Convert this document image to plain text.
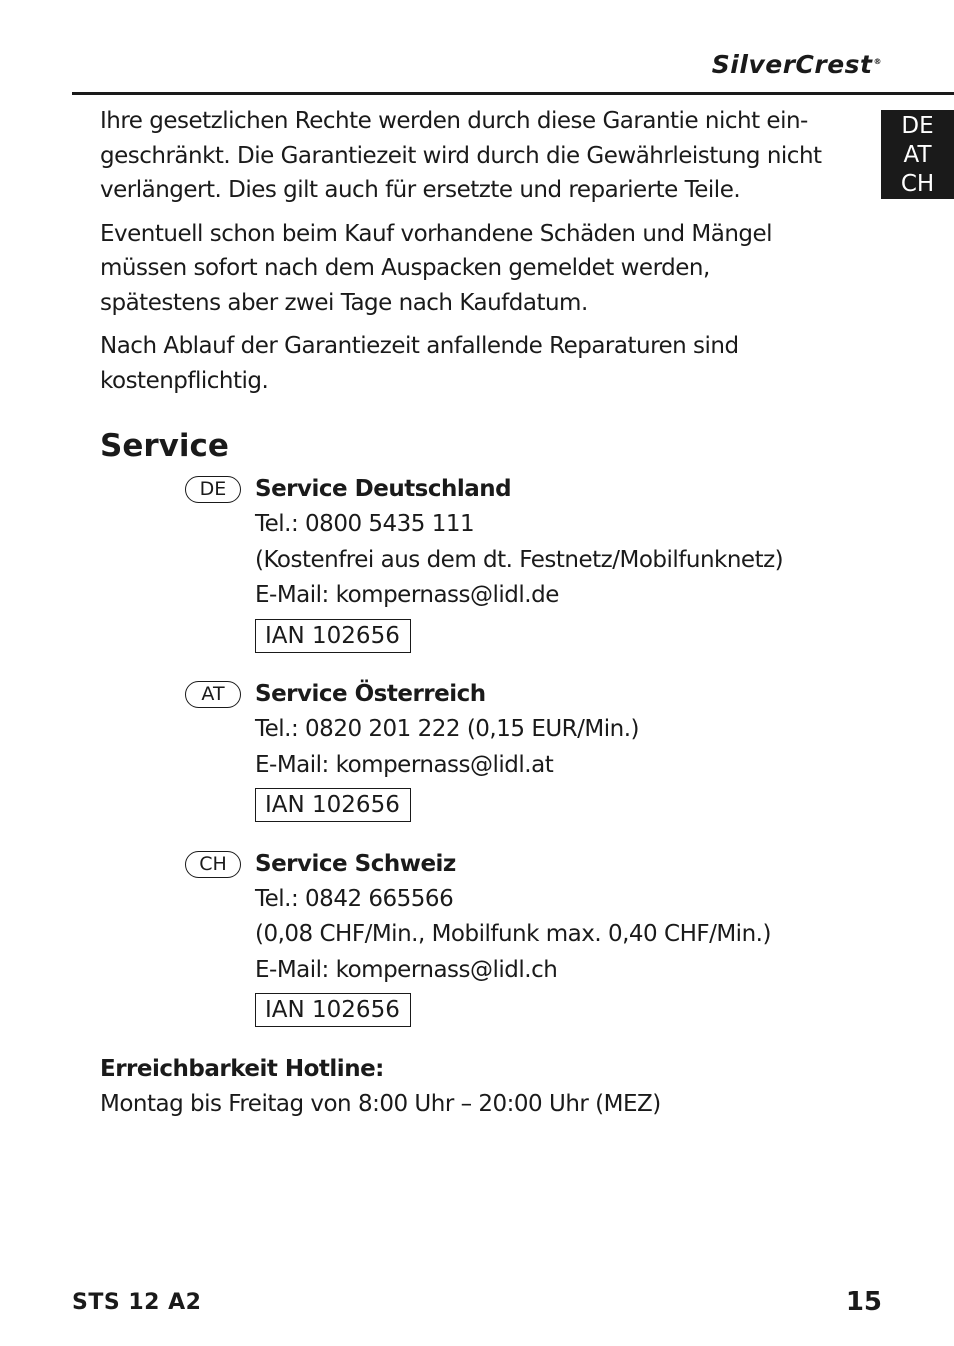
SilverCrest®
DE
AT
CH

Ihre gesetzlichen Rechte werden durch diese Garantie nicht eingeschränkt. Die Garantiezeit wird durch die Gewährleistung nicht verlängert. Dies gilt auch für ersetzte und reparierte Teile.

Eventuell schon beim Kauf vorhandene Schäden und Mängel müssen sofort nach dem Auspacken gemeldet werden, spätestens aber zwei Tage nach Kaufdatum.

Nach Ablauf der Garantiezeit anfallende Reparaturen sind kostenpflichtig.

Service
DE	Service Deutschland
Tel.: 0800 5435 111
(Kostenfrei aus dem dt. Festnetz/Mobilfunknetz)
E-Mail: kompernass@lidl.de
IAN 102656
AT	Service Österreich
Tel.: 0820 201 222 (0,15 EUR/Min.)
E-Mail: kompernass@lidl.at
IAN 102656
CH	Service Schweiz
Tel.: 0842 665566
(0,08 CHF/Min., Mobilfunk max. 0,40 CHF/Min.)
E-Mail: kompernass@lidl.ch
IAN 102656
Erreichbarkeit Hotline:
Montag bis Freitag von 8:00 Uhr – 20:00 Uhr (MEZ)
STS 12 A2	15
